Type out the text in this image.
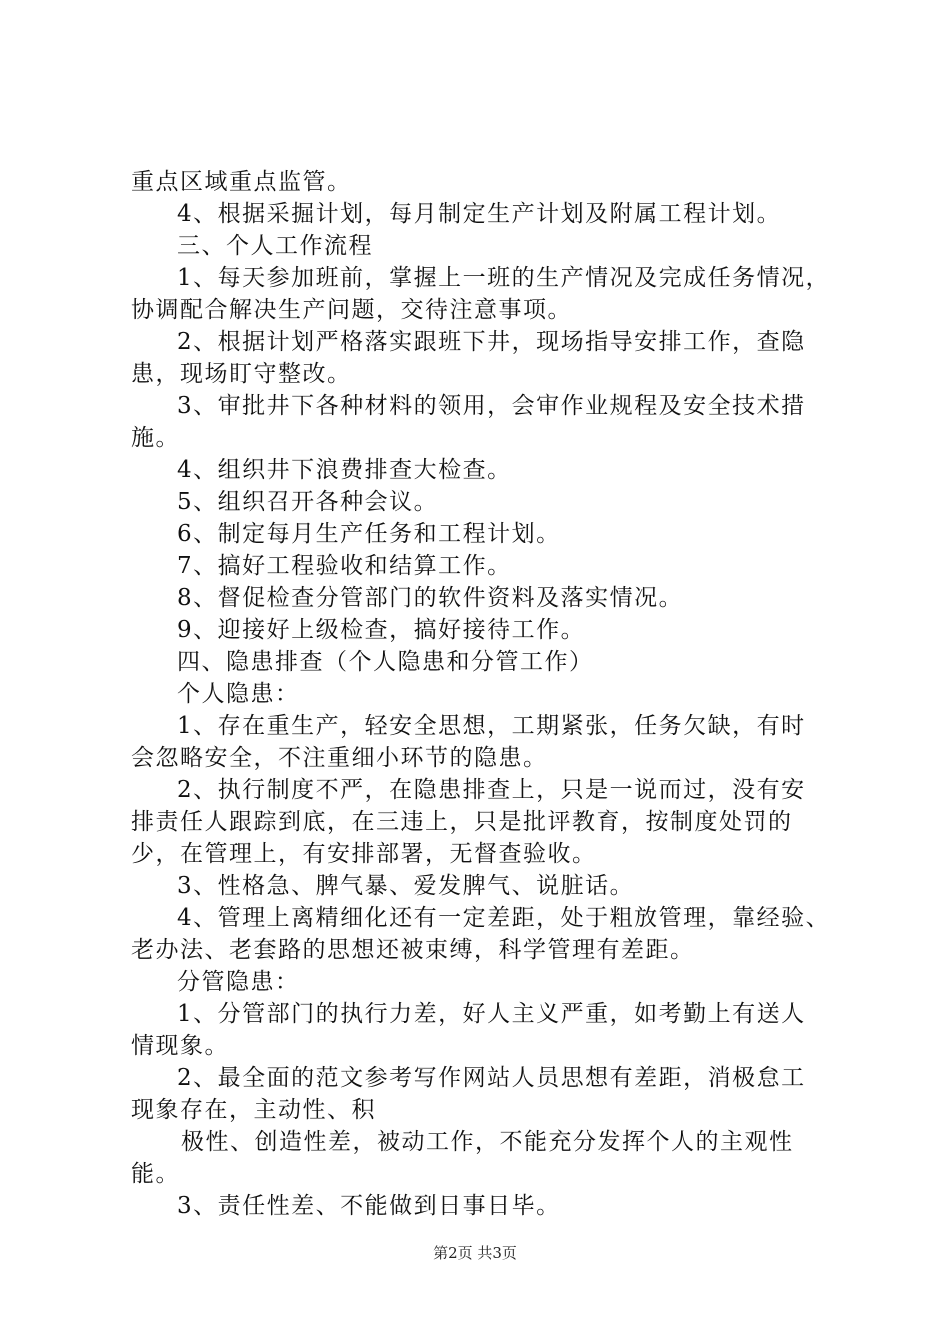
重点区域重点监管。
4、根据采掘计划，每月制定生产计划及附属工程计划。
三、个人工作流程
1、每天参加班前，掌握上一班的生产情况及完成任务情况，
协调配合解决生产问题，交待注意事项。
2、根据计划严格落实跟班下井，现场指导安排工作，查隐
患，现场盯守整改。
3、审批井下各种材料的领用，会审作业规程及安全技术措
施。
4、组织井下浪费排查大检查。
5、组织召开各种会议。
6、制定每月生产任务和工程计划。
7、搞好工程验收和结算工作。
8、督促检查分管部门的软件资料及落实情况。
9、迎接好上级检查，搞好接待工作。
四、隐患排查（个人隐患和分管工作）
个人隐患：
1、存在重生产，轻安全思想，工期紧张，任务欠缺，有时
会忽略安全，不注重细小环节的隐患。
2、执行制度不严，在隐患排查上，只是一说而过，没有安
排责任人跟踪到底，在三违上，只是批评教育，按制度处罚的
少，在管理上，有安排部署，无督查验收。
3、性格急、脾气暴、爱发脾气、说脏话。
4、管理上离精细化还有一定差距，处于粗放管理，靠经验、
老办法、老套路的思想还被束缚，科学管理有差距。
分管隐患：
1、分管部门的执行力差，好人主义严重，如考勤上有送人
情现象。
2、最全面的范文参考写作网站人员思想有差距，消极怠工
现象存在，主动性、积
极性、创造性差，被动工作，不能充分发挥个人的主观性
能。
3、责任性差、不能做到日事日毕。
第2页 共3页
